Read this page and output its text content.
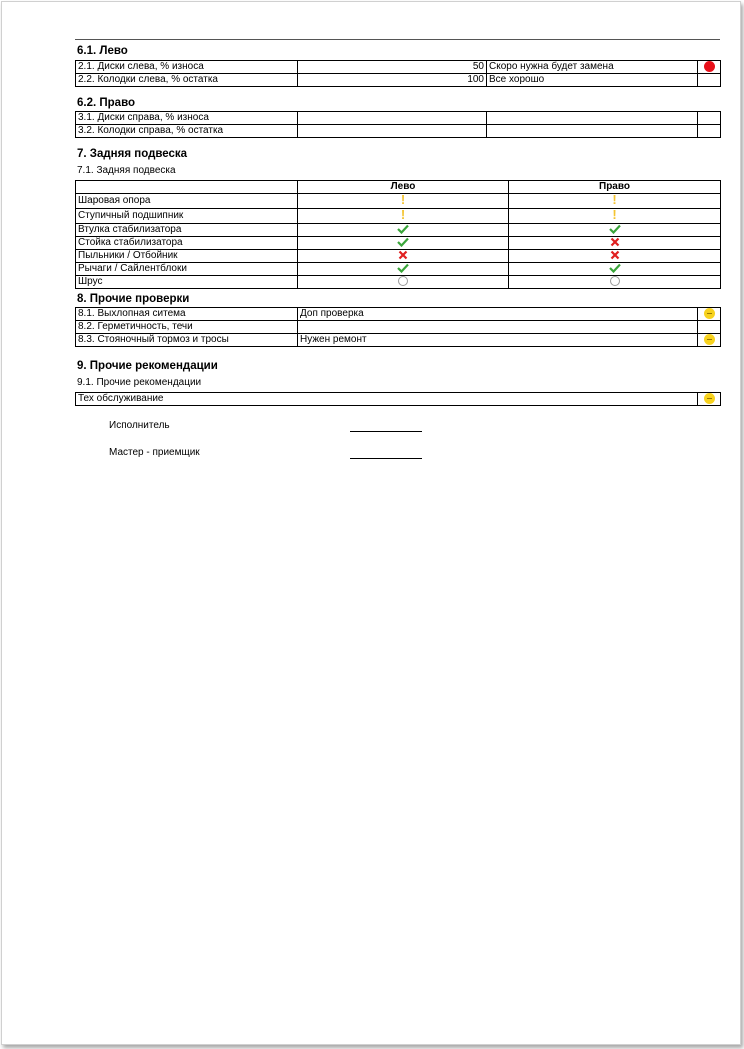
6.1. Лево
2.1. Диски слева, % износа	50	Скоро нужна будет замена	
2.2. Колодки слева, % остатка	100	Все хорошо	
6.2. Право
3.1. Диски справа, % износа			
3.2. Колодки справа, % остатка			
7. Задняя подвеска
7.1. Задняя подвеска
	Лево	Право
Шаровая опора	!	!
Ступичный подшипник	!	!
Втулка стабилизатора		
Стойка стабилизатора		
Пыльники / Отбойник		
Рычаги / Сайлентблоки		
Шрус		
8. Прочие проверки
8.1. Выхлопная ситема	Доп проверка	
8.2. Герметичность, течи		
8.3. Стояночный тормоз и тросы	Нужен ремонт	
9. Прочие рекомендации
9.1. Прочие рекомендации
Тех обслуживание	
Исполнитель
Мастер - приемщик
